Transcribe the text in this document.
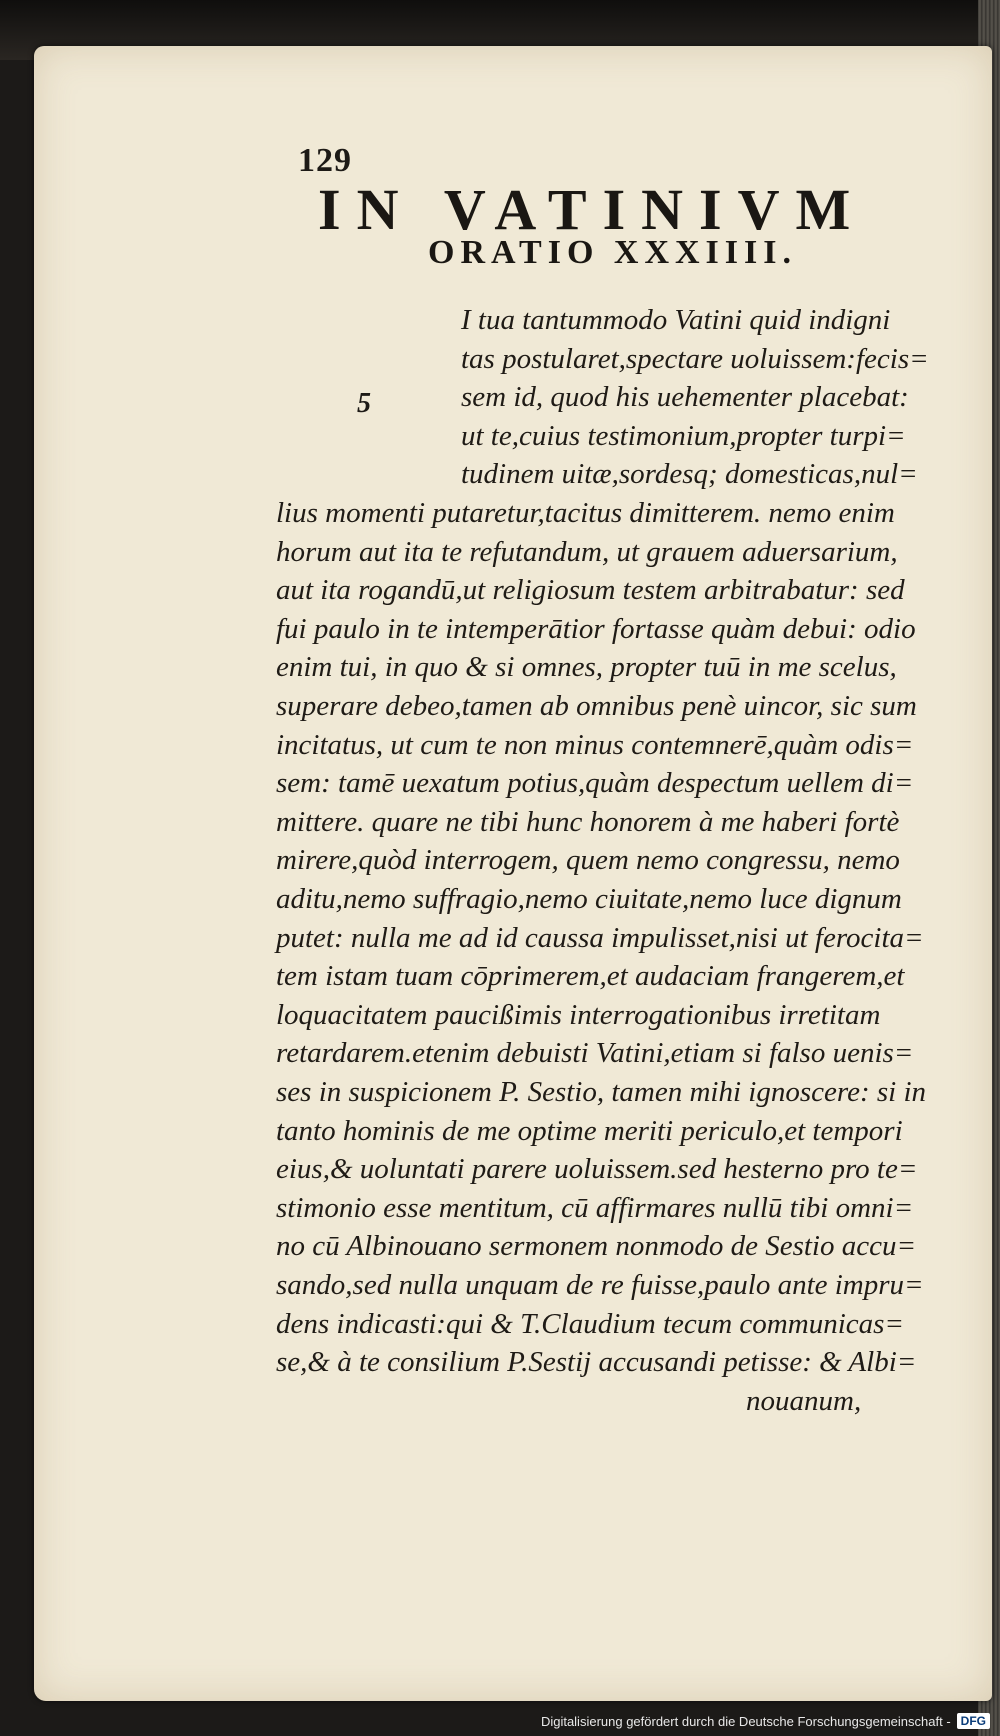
129
IN VATINIVM
ORATIO XXXIIII.
5
I tua tantummodo Vatini quid indigni
tas postularet,spectare uoluissem:fecis=
sem id, quod his uehementer placebat:
ut te,cuius testimonium,propter turpi=
tudinem uitæ,sordesq; domesticas,nul=
lius momenti putaretur,tacitus dimitterem. nemo enim
horum aut ita te refutandum, ut grauem aduersarium,
aut ita rogandū,ut religiosum testem arbitrabatur: sed
fui paulo in te intemperātior fortasse quàm debui: odio
enim tui, in quo & si omnes, propter tuū in me scelus,
superare debeo,tamen ab omnibus penè uincor, sic sum
incitatus, ut cum te non minus contemnerē,quàm odis=
sem: tamē uexatum potius,quàm despectum uellem di=
mittere. quare ne tibi hunc honorem à me haberi fortè
mirere,quòd interrogem, quem nemo congressu, nemo
aditu,nemo suffragio,nemo ciuitate,nemo luce dignum
putet: nulla me ad id caussa impulisset,nisi ut ferocita=
tem istam tuam cōprimerem,et audaciam frangerem,et
loquacitatem paucißimis interrogationibus irretitam
retardarem.etenim debuisti Vatini,etiam si falso uenis=
ses in suspicionem P. Sestio, tamen mihi ignoscere: si in
tanto hominis de me optime meriti periculo,et tempori
eius,& uoluntati parere uoluissem.sed hesterno pro te=
stimonio esse mentitum, cū affirmares nullū tibi omni=
no cū Albinouano sermonem nonmodo de Sestio accu=
sando,sed nulla unquam de re fuisse,paulo ante impru=
dens indicasti:qui & T.Claudium tecum communicas=
se,& à te consilium P.Sestij accusandi petisse: & Albi=
nouanum,
Digitalisierung gefördert durch die Deutsche Forschungsgemeinschaft - DFG
